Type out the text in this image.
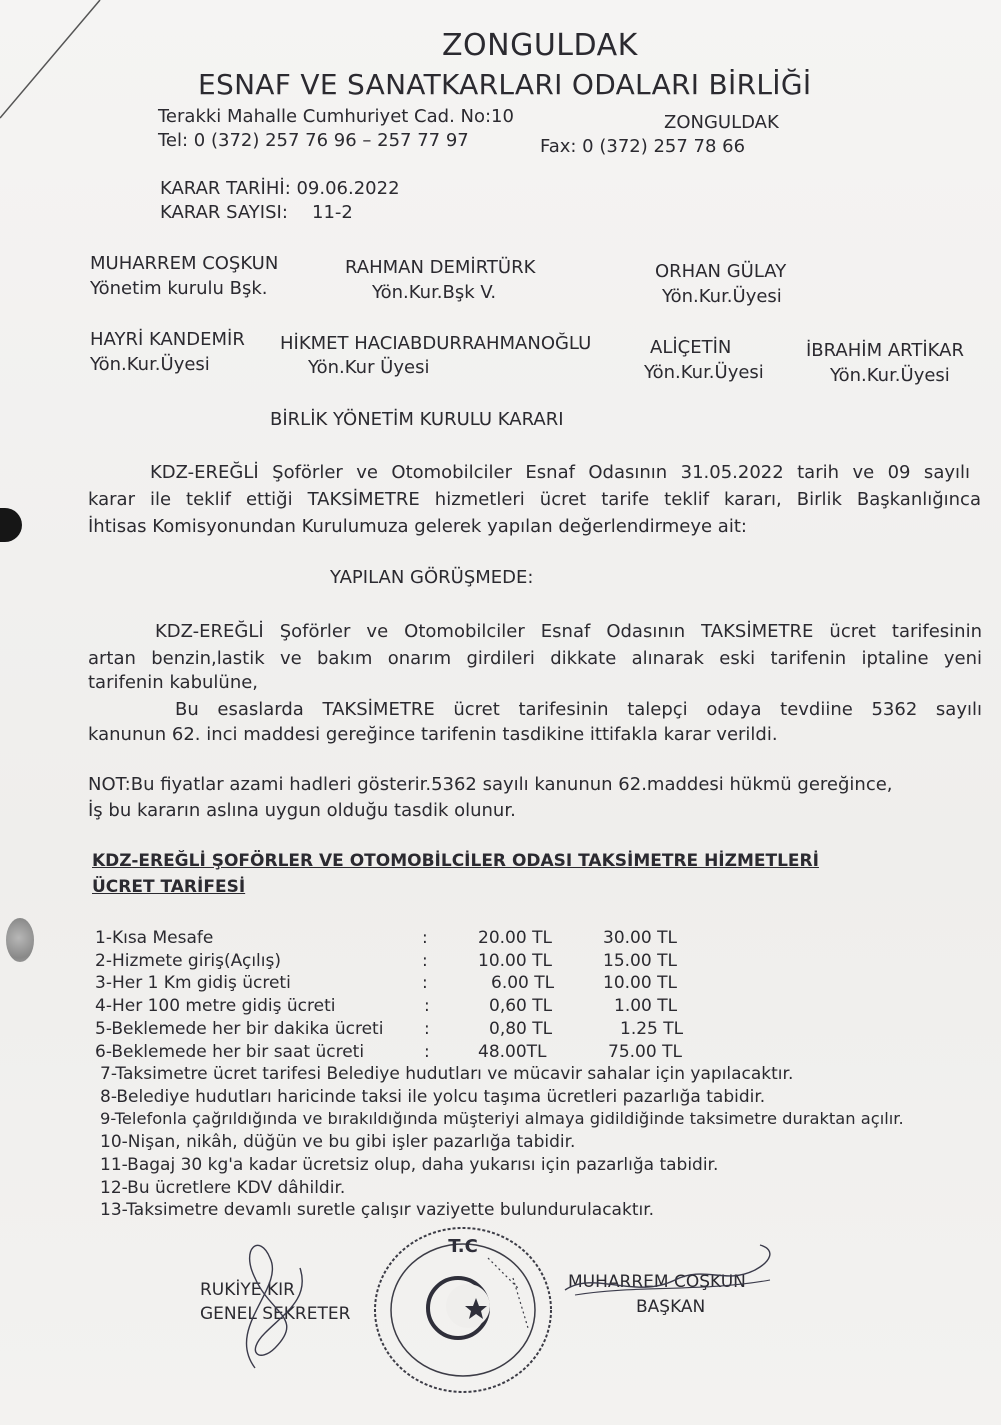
ZONGULDAK
ESNAF VE SANATKARLARI ODALARI BİRLİĞİ
Terakki Mahalle Cumhuriyet Cad. No:10	ZONGULDAK
Tel: 0 (372) 257 76 96 – 257 77 97	Fax: 0 (372) 257 78 66
KARAR TARİHİ: 09.06.2022
KARAR SAYISI: 11-2
MUHARREM COŞKUN
Yönetim kurulu Bşk.
RAHMAN DEMİRTÜRK
Yön.Kur.Bşk V.
ORHAN GÜLAY
Yön.Kur.Üyesi
HAYRİ KANDEMİR
Yön.Kur.Üyesi
HİKMET HACIABDURRAHMANOĞLU
Yön.Kur Üyesi
ALİÇETİN
Yön.Kur.Üyesi
İBRAHİM ARTİKAR
Yön.Kur.Üyesi
BİRLİK YÖNETİM KURULU KARARI
KDZ-EREĞLİ Şoförler ve Otomobilciler Esnaf Odasının 31.05.2022 tarih ve 09 sayılı
karar ile teklif ettiği TAKSİMETRE hizmetleri ücret tarife teklif kararı, Birlik Başkanlığınca
İhtisas Komisyonundan Kurulumuza gelerek yapılan değerlendirmeye ait:
YAPILAN GÖRÜŞMEDE:
KDZ-EREĞLİ Şoförler ve Otomobilciler Esnaf Odasının TAKSİMETRE ücret tarifesinin
artan benzin,lastik ve bakım onarım girdileri dikkate alınarak eski tarifenin iptaline yeni
tarifenin kabulüne,
Bu esaslarda TAKSİMETRE ücret tarifesinin talepçi odaya tevdiine 5362 sayılı
kanunun 62. inci maddesi gereğince tarifenin tasdikine ittifakla karar verildi.
NOT:Bu fiyatlar azami hadleri gösterir.5362 sayılı kanunun 62.maddesi hükmü gereğince,
İş bu kararın aslına uygun olduğu tasdik olunur.
KDZ-EREĞLİ ŞOFÖRLER VE OTOMOBİLCİLER ODASI TAKSİMETRE HİZMETLERİ
ÜCRET TARİFESİ
1-Kısa Mesafe	:	20.00 TL	30.00 TL
2-Hizmete giriş(Açılış)	:	10.00 TL	15.00 TL
3-Her 1 Km gidiş ücreti	:	6.00 TL	10.00 TL
4-Her 100 metre gidiş ücreti	:	0,60 TL	1.00 TL
5-Beklemede her bir dakika ücreti :	0,80 TL	1.25 TL
6-Beklemede her bir saat ücreti	:	48.00TL	75.00 TL
7-Taksimetre ücret tarifesi Belediye hudutları ve mücavir sahalar için yapılacaktır.
8-Belediye hudutları haricinde taksi ile yolcu taşıma ücretleri pazarlığa tabidir.
9-Telefonla çağrıldığında ve bırakıldığında müşteriyi almaya gidildiğinde taksimetre duraktan açılır.
10-Nişan, nikâh, düğün ve bu gibi işler pazarlığa tabidir.
11-Bagaj 30 kg'a kadar ücretsiz olup, daha yukarısı için pazarlığa tabidir.
12-Bu ücretlere KDV dâhildir.
13-Taksimetre devamlı suretle çalışır vaziyette bulundurulacaktır.
RUKİYE KIR
GENEL SEKRETER
MUHARREM COŞKUN
BAŞKAN
T.C
